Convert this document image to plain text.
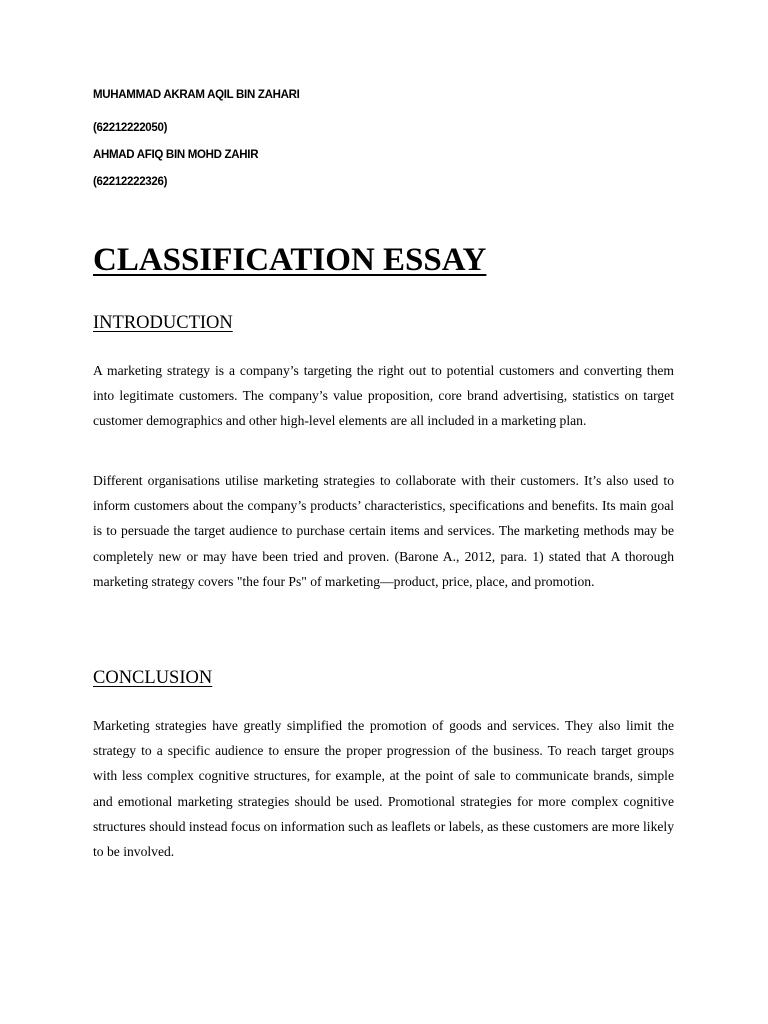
MUHAMMAD AKRAM AQIL BIN ZAHARI
(62212222050)
AHMAD AFIQ BIN MOHD ZAHIR
(62212222326)
CLASSIFICATION ESSAY
INTRODUCTION

A marketing strategy is a company’s targeting the right out to potential customers and converting them into legitimate customers. The company’s value proposition, core brand advertising, statistics on target customer demographics and other high-level elements are all included in a marketing plan.

Different organisations utilise marketing strategies to collaborate with their customers. It’s also used to inform customers about the company’s products’ characteristics, specifications and benefits. Its main goal is to persuade the target audience to purchase certain items and services. The marketing methods may be completely new or may have been tried and proven. (Barone A., 2012, para. 1) stated that A thorough marketing strategy covers "the four Ps" of marketing—product, price, place, and promotion.

CONCLUSION

Marketing strategies have greatly simplified the promotion of goods and services. They also limit the strategy to a specific audience to ensure the proper progression of the business. To reach target groups with less complex cognitive structures, for example, at the point of sale to communicate brands, simple and emotional marketing strategies should be used. Promotional strategies for more complex cognitive structures should instead focus on information such as leaflets or labels, as these customers are more likely to be involved.
